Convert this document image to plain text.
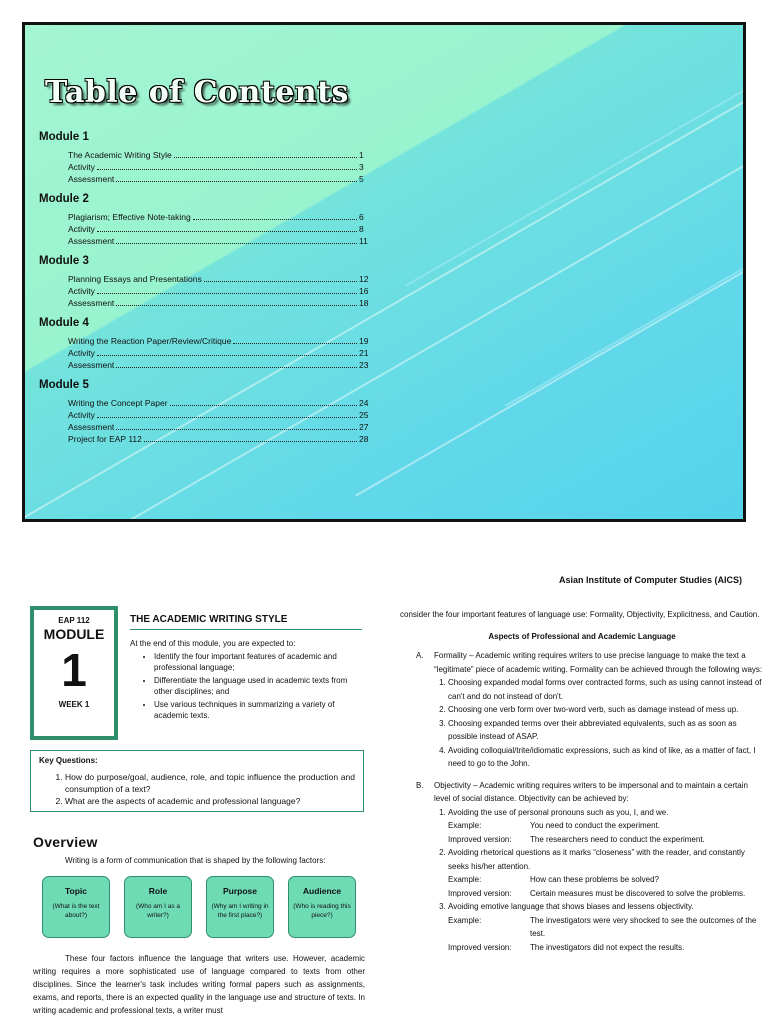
Table of Contents
Module 1
The Academic Writing Style	1
Activity	3
Assessment	5
Module 2
Plagiarism; Effective Note-taking	6
Activity	8
Assessment	11
Module 3
Planning Essays and Presentations	12
Activity	16
Assessment	18
Module 4
Writing the Reaction Paper/Review/Critique	19
Activity	21
Assessment	23
Module 5
Writing the Concept Paper	24
Activity	25
Assessment	27
Project for EAP 112	28
Asian Institute of Computer Studies (AICS)
EAP 112
MODULE
1
WEEK 1
THE ACADEMIC WRITING STYLE
At the end of this module, you are expected to:
• Identify the four important features of academic and professional language;
• Differentiate the language used in academic texts from other disciplines; and
• Use various techniques in summarizing a variety of academic texts.
Key Questions:
1. How do purpose/goal, audience, role, and topic influence the production and consumption of a text?
2. What are the aspects of academic and professional language?
Overview
Writing is a form of communication that is shaped by the following factors:
Topic
(What is the text about?)
Role
(Who am I as a writer?)
Purpose
(Why am I writing in the first place?)
Audience
(Who is reading this piece?)
These four factors influence the language that writers use. However, academic writing requires a more sophisticated use of language compared to texts from other disciplines. Since the learner's task includes writing formal papers such as assignments, exams, and reports, there is an expected quality in the language use and structure of texts. In writing academic and professional texts, a writer must

consider the four important features of language use: Formality, Objectivity, Explicitness, and Caution.

Aspects of Professional and Academic Language
A. Formality – Academic writing requires writers to use precise language to make the text a “legitimate” piece of academic writing. Formality can be achieved through the following ways:
1. Choosing expanded modal forms over contracted forms, such as using cannot instead of can't and do not instead of don't.
2. Choosing one verb form over two-word verb, such as damage instead of mess up.
3. Choosing expanded terms over their abbreviated equivalents, such as as soon as possible instead of ASAP.
4. Avoiding colloquial/trite/idiomatic expressions, such as kind of like, as a matter of fact, I need to go to the John.
B. Objectivity – Academic writing requires writers to be impersonal and to maintain a certain level of social distance. Objectivity can be achieved by:
1. Avoiding the use of personal pronouns such as you, I, and we.
Example:	You need to conduct the experiment.
Improved version:	The researchers need to conduct the experiment.
2. Avoiding rhetorical questions as it marks “closeness” with the reader, and constantly seeks his/her attention.
Example:	How can these problems be solved?
Improved version:	Certain measures must be discovered to solve the problems.
3. Avoiding emotive language that shows biases and lessens objectivity.
Example:	The investigators were very shocked to see the outcomes of the test.
Improved version:	The investigators did not expect the results.
